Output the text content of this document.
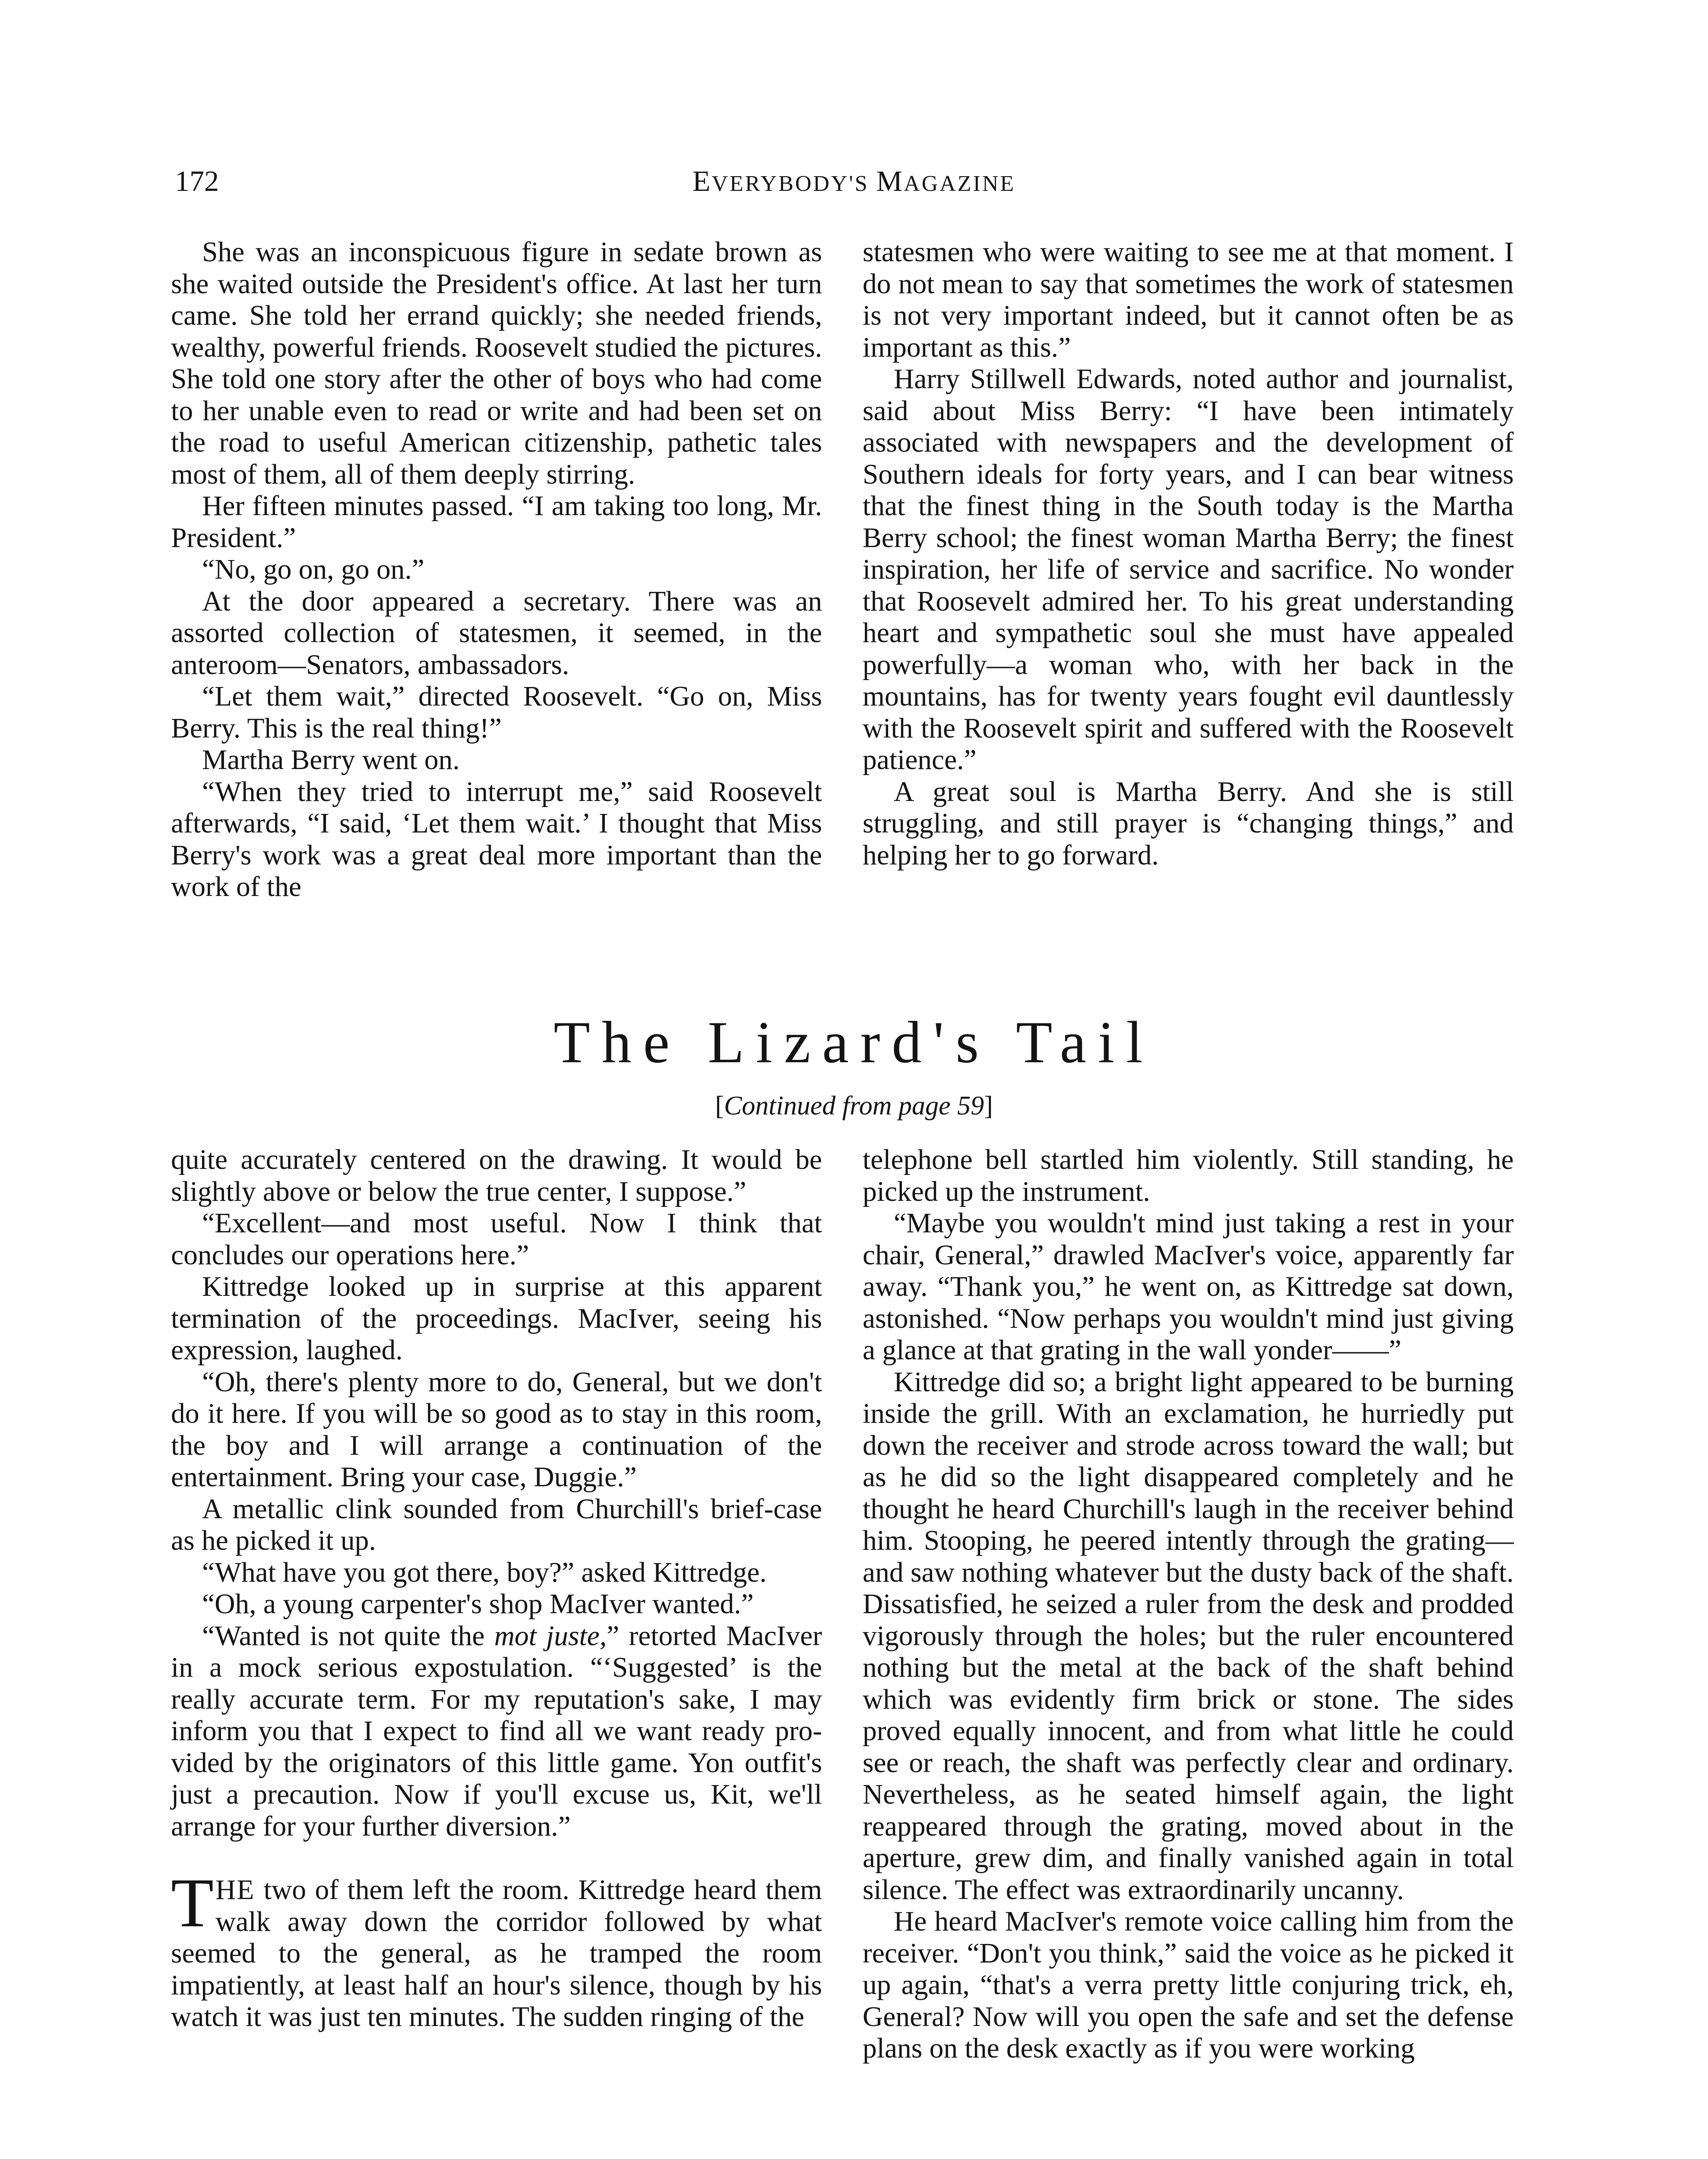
172	EVERYBODY'S MAGAZINE

She was an inconspicuous figure in sedate brown as she waited outside the President's office. At last her turn came. She told her errand quickly; she needed friends, wealthy, powerful friends. Roosevelt studied the pictures. She told one story after the other of boys who had come to her unable even to read or write and had been set on the road to useful American citizenship, pathetic tales most of them, all of them deeply stirring.

Her fifteen minutes passed. “I am taking too long, Mr. President.”

“No, go on, go on.”

At the door appeared a secretary. There was an assorted collection of statesmen, it seemed, in the anteroom—Senators, ambassadors.

“Let them wait,” directed Roosevelt. “Go on, Miss Berry. This is the real thing!”

Martha Berry went on.

“When they tried to interrupt me,” said Roosevelt afterwards, “I said, ‘Let them wait.’ I thought that Miss Berry's work was a great deal more important than the work of the

statesmen who were waiting to see me at that moment. I do not mean to say that sometimes the work of statesmen is not very important indeed, but it cannot often be as important as this.”

Harry Stillwell Edwards, noted author and journalist, said about Miss Berry: “I have been intimately associated with newspapers and the development of Southern ideals for forty years, and I can bear witness that the finest thing in the South today is the Martha Berry school; the finest woman Martha Berry; the finest inspiration, her life of service and sacrifice. No wonder that Roosevelt admired her. To his great understanding heart and sympathetic soul she must have appealed powerfully—a woman who, with her back in the mountains, has for twenty years fought evil dauntlessly with the Roosevelt spirit and suffered with the Roosevelt patience.”

A great soul is Martha Berry. And she is still struggling, and still prayer is “changing things,” and helping her to go forward.

The Lizard's Tail
[Continued from page 59]

quite accurately centered on the drawing. It would be slightly above or below the true center, I suppose.”

“Excellent—and most useful. Now I think that concludes our operations here.”

Kittredge looked up in surprise at this apparent termination of the proceedings. MacIver, seeing his expression, laughed.

“Oh, there's plenty more to do, General, but we don't do it here. If you will be so good as to stay in this room, the boy and I will arrange a continuation of the entertainment. Bring your case, Duggie.”

A metallic clink sounded from Churchill's brief-case as he picked it up.

“What have you got there, boy?” asked Kittredge.

“Oh, a young carpenter's shop MacIver wanted.”

“Wanted is not quite the mot juste,” retorted MacIver in a mock serious expostulation. “‘Suggested’ is the really accurate term. For my reputation's sake, I may inform you that I expect to find all we want ready provided by the originators of this little game. Yon outfit's just a precaution. Now if you'll excuse us, Kit, we'll arrange for your further diversion.”

THE two of them left the room. Kittredge heard them walk away down the corridor followed by what seemed to the general, as he tramped the room impatiently, at least half an hour's silence, though by his watch it was just ten minutes. The sudden ringing of the

telephone bell startled him violently. Still standing, he picked up the instrument.

“Maybe you wouldn't mind just taking a rest in your chair, General,” drawled MacIver's voice, apparently far away. “Thank you,” he went on, as Kittredge sat down, astonished. “Now perhaps you wouldn't mind just giving a glance at that grating in the wall yonder——”

Kittredge did so; a bright light appeared to be burning inside the grill. With an exclamation, he hurriedly put down the receiver and strode across toward the wall; but as he did so the light disappeared completely and he thought he heard Churchill's laugh in the receiver behind him. Stooping, he peered intently through the grating—and saw nothing whatever but the dusty back of the shaft. Dissatisfied, he seized a ruler from the desk and prodded vigorously through the holes; but the ruler encountered nothing but the metal at the back of the shaft behind which was evidently firm brick or stone. The sides proved equally innocent, and from what little he could see or reach, the shaft was perfectly clear and ordinary. Nevertheless, as he seated himself again, the light reappeared through the grating, moved about in the aperture, grew dim, and finally vanished again in total silence. The effect was extraordinarily uncanny.

He heard MacIver's remote voice calling him from the receiver. “Don't you think,” said the voice as he picked it up again, “that's a verra pretty little conjuring trick, eh, General? Now will you open the safe and set the defense plans on the desk exactly as if you were working
